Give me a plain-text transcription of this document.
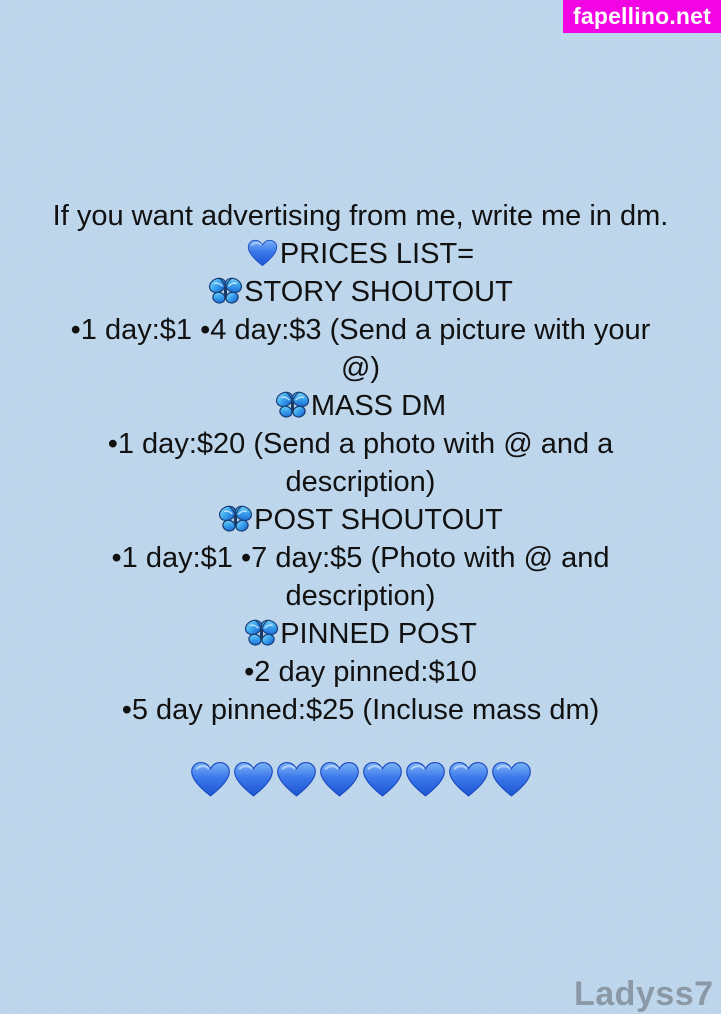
fapellino.net
If you want advertising from me, write me in dm.
PRICES LIST=
STORY SHOUTOUT
•1 day:$1 •4 day:$3 (Send a picture with your
@)
MASS DM
•1 day:$20 (Send a photo with @ and a
description)
POST SHOUTOUT
•1 day:$1 •7 day:$5 (Photo with @ and
description)
PINNED POST
•2 day pinned:$10
•5 day pinned:$25 (Incluse mass dm)
Ladyss7
